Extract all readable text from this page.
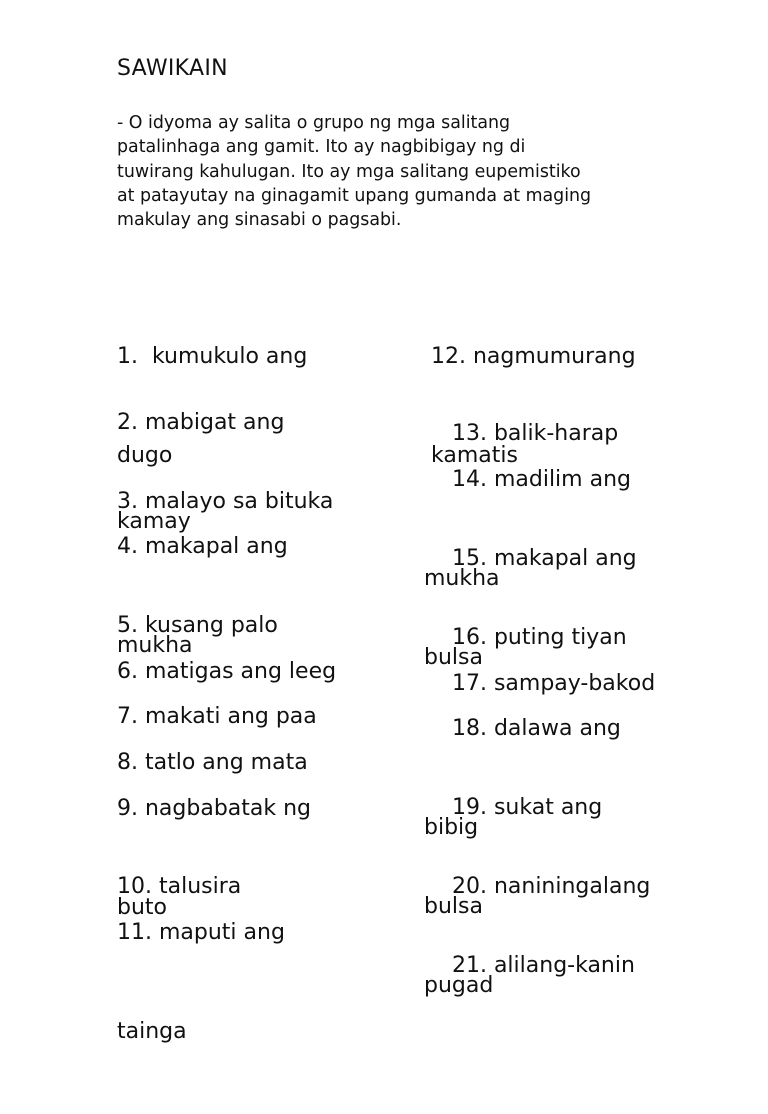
SAWIKAIN
- O idyoma ay salita o grupo ng mga salitang
patalinhaga ang gamit. Ito ay nagbibigay ng di
tuwirang kahulugan. Ito ay mga salitang eupemistiko
at patayutay na ginagamit upang gumanda at maging
makulay ang sinasabi o pagsabi.

1.  kumukulo ang

dugo

2. mabigat ang

kamay

3. malayo sa bituka

4. makapal ang

mukha

5. kusang palo

6. matigas ang leeg

7. makati ang paa

8. tatlo ang mata

9. nagbabatak ng

buto

10. talusira

11. maputi ang

tainga

12. nagmumurang

kamatis

13. balik-harap

14. madilim ang

mukha

15. makapal ang

bulsa

16. puting tiyan

17. sampay-bakod

18. dalawa ang

bibig

19. sukat ang

bulsa

20. naniningalang

pugad

21. alilang-kanin
